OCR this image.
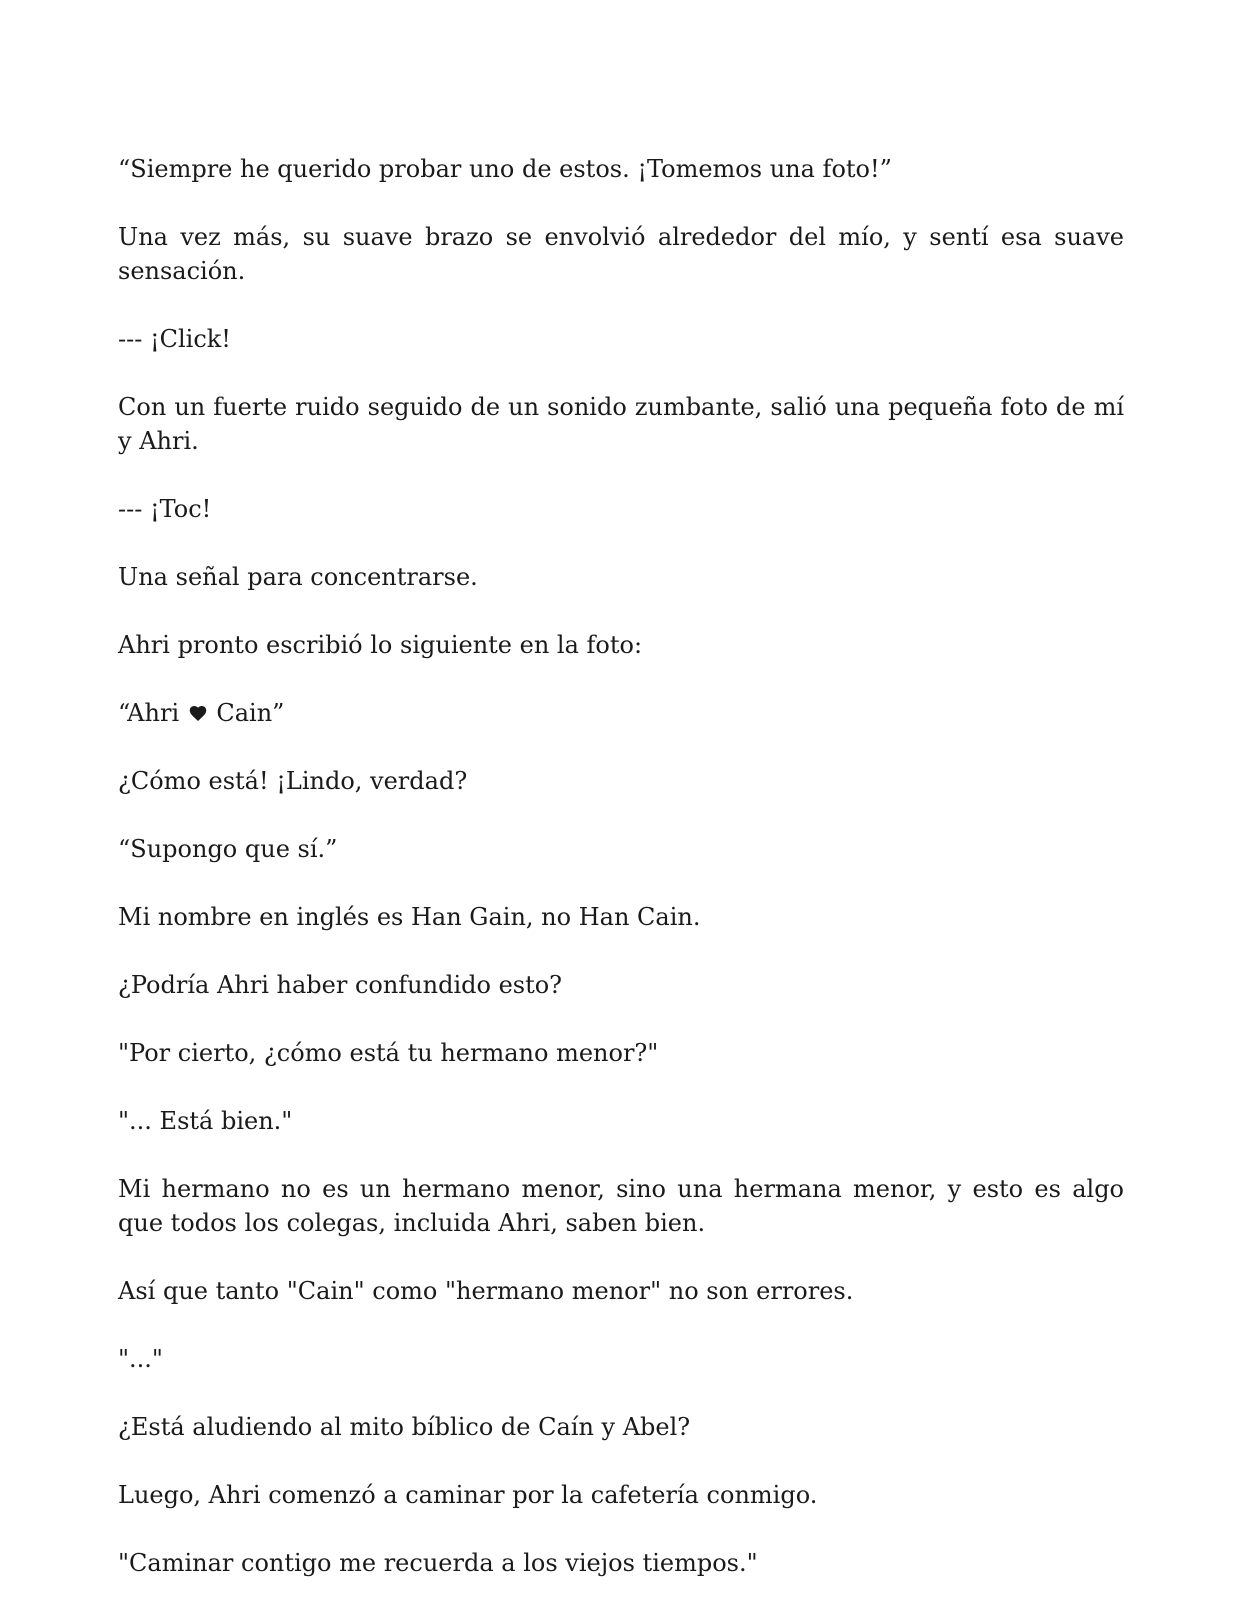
“Siempre he querido probar uno de estos. ¡Tomemos una foto!”

Una vez más, su suave brazo se envolvió alrededor del mío, y sentí esa suave sensación.

--- ¡Click!

Con un fuerte ruido seguido de un sonido zumbante, salió una pequeña foto de mí y Ahri.

--- ¡Toc!

Una señal para concentrarse.

Ahri pronto escribió lo siguiente en la foto:

“Ahri
Cain”

¿Cómo está! ¡Lindo, verdad?

“Supongo que sí.”

Mi nombre en inglés es Han Gain, no Han Cain.

¿Podría Ahri haber confundido esto?

"Por cierto, ¿cómo está tu hermano menor?"

"... Está bien."

Mi hermano no es un hermano menor, sino una hermana menor, y esto es algo que todos los colegas, incluida Ahri, saben bien.

Así que tanto "Cain" como "hermano menor" no son errores.

"..."

¿Está aludiendo al mito bíblico de Caín y Abel?

Luego, Ahri comenzó a caminar por la cafetería conmigo.

"Caminar contigo me recuerda a los viejos tiempos."
